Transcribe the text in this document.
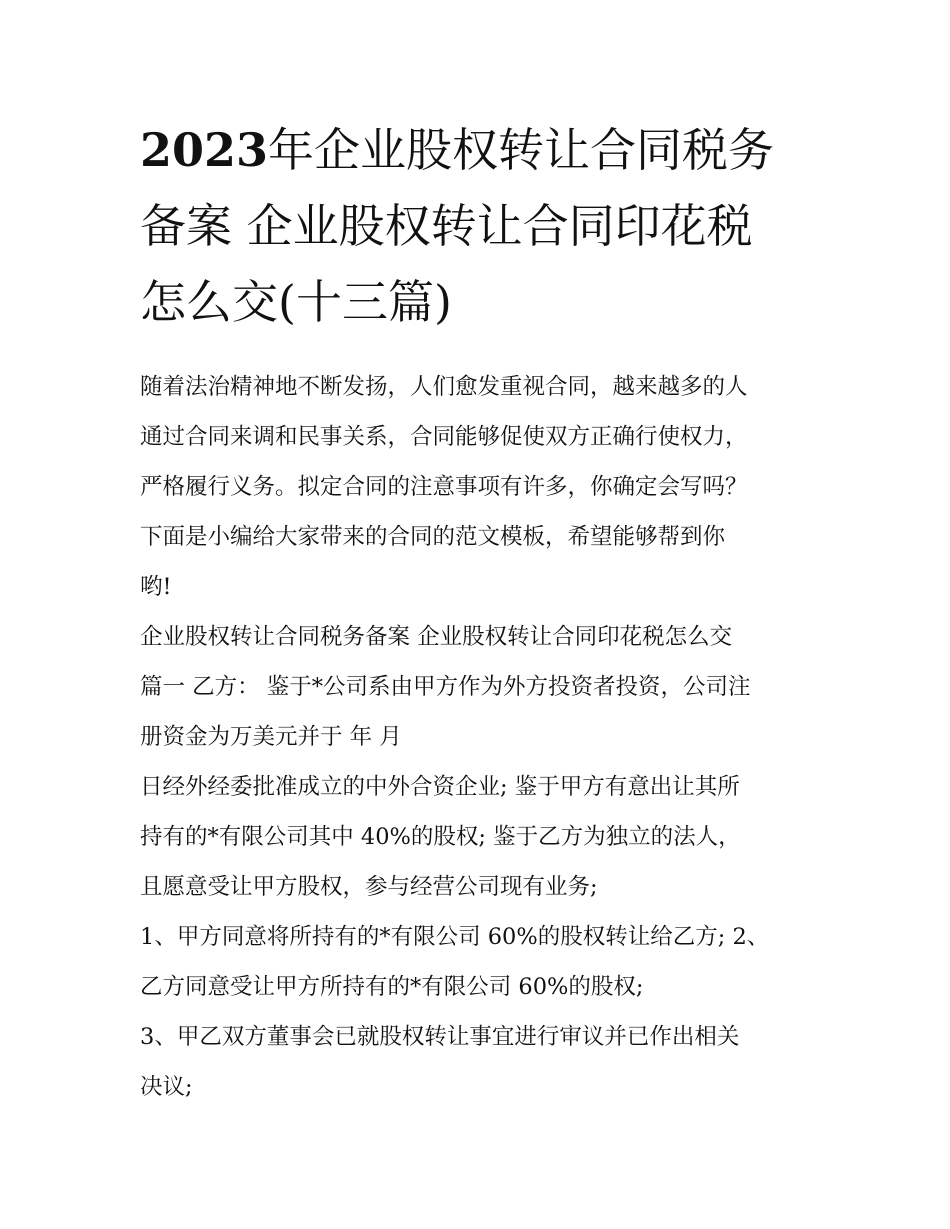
2023年企业股权转让合同税务
备案 企业股权转让合同印花税
怎么交(十三篇)
随着法治精神地不断发扬，人们愈发重视合同，越来越多的人
通过合同来调和民事关系，合同能够促使双方正确行使权力，
严格履行义务。拟定合同的注意事项有许多，你确定会写吗？
下面是小编给大家带来的合同的范文模板，希望能够帮到你
哟!
企业股权转让合同税务备案 企业股权转让合同印花税怎么交
篇一 乙方： 鉴于*公司系由甲方作为外方投资者投资，公司注
册资金为万美元并于 年 月
日经外经委批准成立的中外合资企业; 鉴于甲方有意出让其所
持有的*有限公司其中 40%的股权; 鉴于乙方为独立的法人，
且愿意受让甲方股权，参与经营公司现有业务;
1、甲方同意将所持有的*有限公司 60%的股权转让给乙方; 2、
乙方同意受让甲方所持有的*有限公司 60%的股权;
3、甲乙双方董事会已就股权转让事宜进行审议并已作出相关
决议;
